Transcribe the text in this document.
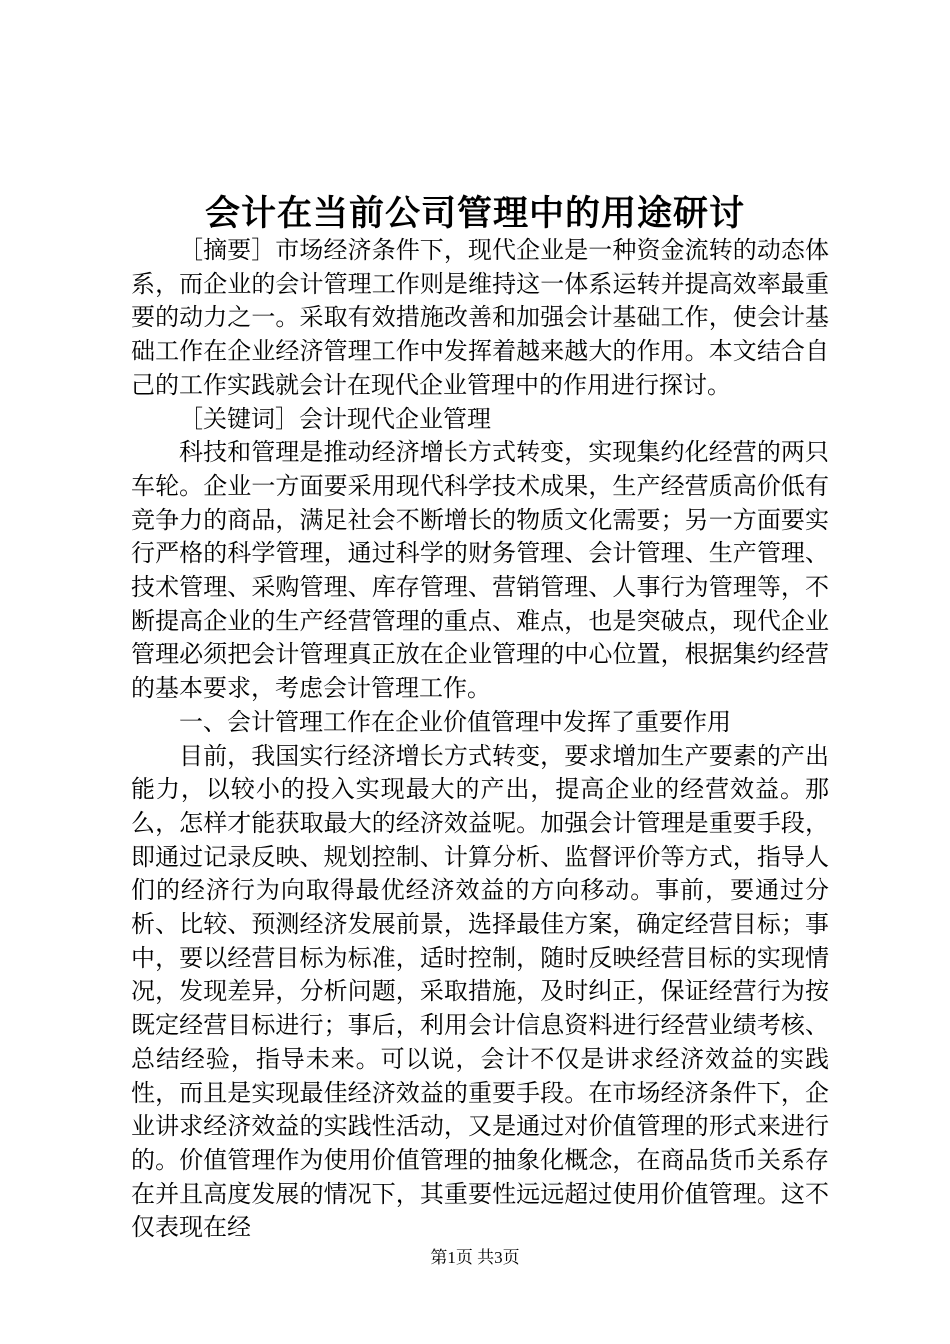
会计在当前公司管理中的用途研讨

［摘要］市场经济条件下，现代企业是一种资金流转的动态体系，而企业的会计管理工作则是维持这一体系运转并提高效率最重要的动力之一。采取有效措施改善和加强会计基础工作，使会计基础工作在企业经济管理工作中发挥着越来越大的作用。本文结合自己的工作实践就会计在现代企业管理中的作用进行探讨。

［关键词］会计现代企业管理

科技和管理是推动经济增长方式转变，实现集约化经营的两只车轮。企业一方面要采用现代科学技术成果，生产经营质高价低有竞争力的商品，满足社会不断增长的物质文化需要；另一方面要实行严格的科学管理，通过科学的财务管理、会计管理、生产管理、技术管理、采购管理、库存管理、营销管理、人事行为管理等，不断提高企业的生产经营管理的重点、难点，也是突破点，现代企业管理必须把会计管理真正放在企业管理的中心位置，根据集约经营的基本要求，考虑会计管理工作。

一、会计管理工作在企业价值管理中发挥了重要作用

目前，我国实行经济增长方式转变，要求增加生产要素的产出能力，以较小的投入实现最大的产出，提高企业的经营效益。那么，怎样才能获取最大的经济效益呢。加强会计管理是重要手段，即通过记录反映、规划控制、计算分析、监督评价等方式，指导人们的经济行为向取得最优经济效益的方向移动。事前，要通过分析、比较、预测经济发展前景，选择最佳方案，确定经营目标；事中，要以经营目标为标准，适时控制，随时反映经营目标的实现情况，发现差异，分析问题，采取措施，及时纠正，保证经营行为按既定经营目标进行；事后，利用会计信息资料进行经营业绩考核、总结经验，指导未来。可以说，会计不仅是讲求经济效益的实践性，而且是实现最佳经济效益的重要手段。在市场经济条件下，企业讲求经济效益的实践性活动，又是通过对价值管理的形式来进行的。价值管理作为使用价值管理的抽象化概念，在商品货币关系存在并且高度发展的情况下，其重要性远远超过使用价值管理。这不仅表现在经

第1页 共3页
